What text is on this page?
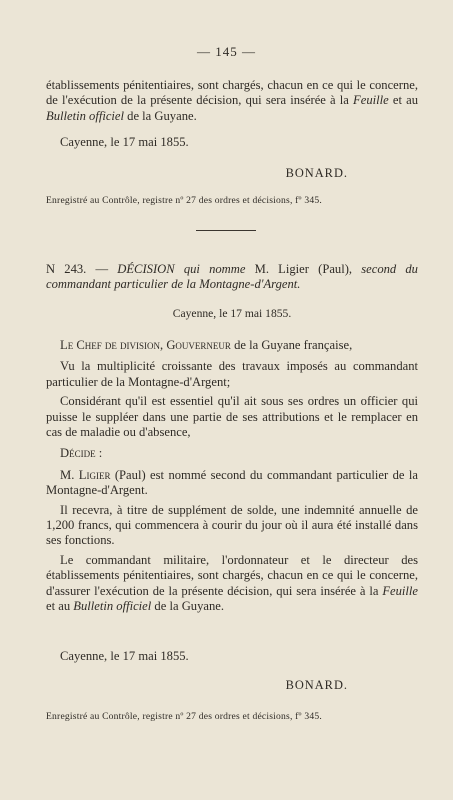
— 145 —

établissements pénitentiaires, sont chargés, chacun en ce qui le concerne, de l'exécution de la présente décision, qui sera insérée à la Feuille et au Bulletin officiel de la Guyane.

Cayenne, le 17 mai 1855.

BONARD.

Enregistré au Contrôle, registre nº 27 des ordres et décisions, fº 345.

N 243. — DÉCISION qui nomme M. Ligier (Paul), second du commandant particulier de la Montagne-d'Argent.

Cayenne, le 17 mai 1855.

Le Chef de division, Gouverneur de la Guyane française,

Vu la multiplicité croissante des travaux imposés au commandant particulier de la Montagne-d'Argent;

Considérant qu'il est essentiel qu'il ait sous ses ordres un officier qui puisse le suppléer dans une partie de ses attributions et le remplacer en cas de maladie ou d'absence,

Décide :

M. Ligier (Paul) est nommé second du commandant particulier de la Montagne-d'Argent.

Il recevra, à titre de supplément de solde, une indemnité annuelle de 1,200 francs, qui commencera à courir du jour où il aura été installé dans ses fonctions.

Le commandant militaire, l'ordonnateur et le directeur des établissements pénitentiaires, sont chargés, chacun en ce qui le concerne, d'assurer l'exécution de la présente décision, qui sera insérée à la Feuille et au Bulletin officiel de la Guyane.

Cayenne, le 17 mai 1855.

BONARD.

Enregistré au Contrôle, registre nº 27 des ordres et décisions, fº 345.
